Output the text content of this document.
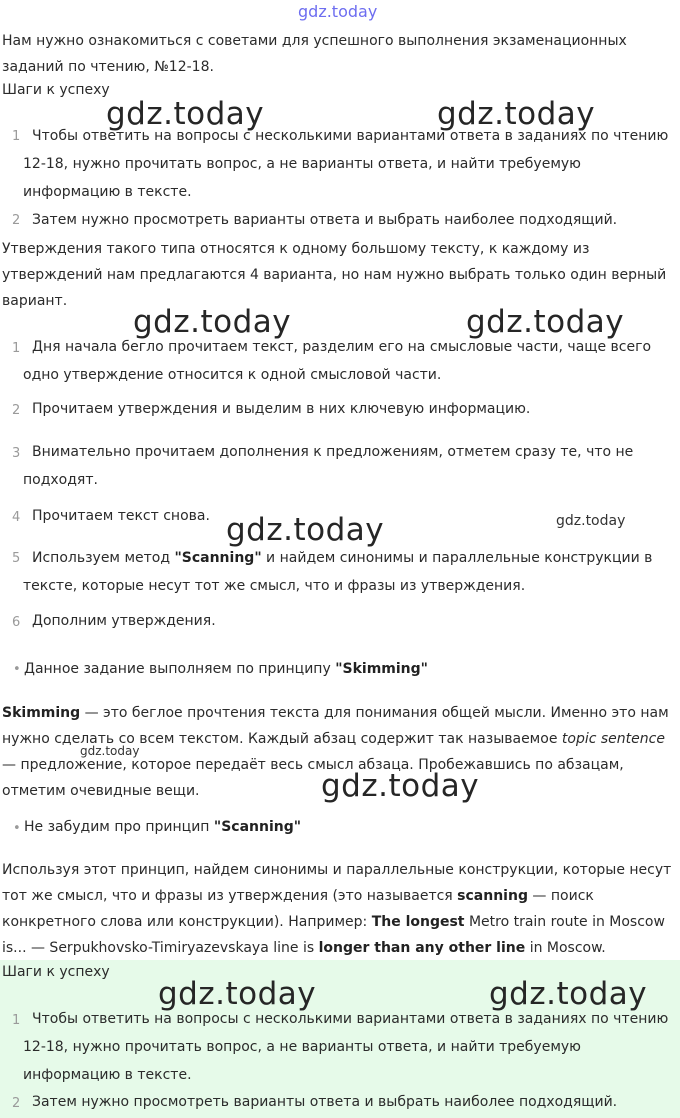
gdz.today
Нам нужно ознакомиться с советами для успешного выполнения экзаменационных заданий по чтению, №12-18.
Шаги к успеху
1 Чтобы ответить на вопросы с несколькими вариантами ответа в заданиях по чтению 12-18, нужно прочитать вопрос, а не варианты ответа, и найти требуемую информацию в тексте.
2 Затем нужно просмотреть варианты ответа и выбрать наиболее подходящий.
Утверждения такого типа относятся к одному большому тексту, к каждому из утверждений нам предлагаются 4 варианта, но нам нужно выбрать только один верный вариант.
1 Дня начала бегло прочитаем текст, разделим его на смысловые части, чаще всего одно утверждение относится к одной смысловой части.
2 Прочитаем утверждения и выделим в них ключевую информацию.
3 Внимательно прочитаем дополнения к предложениям, отметем сразу те, что не подходят.
4 Прочитаем текст снова.
5 Используем метод "Scanning" и найдем синонимы и параллельные конструкции в тексте, которые несут тот же смысл, что и фразы из утверждения.
6 Дополним утверждения.
• Данное задание выполняем по принципу "Skimming"
Skimming — это беглое прочтения текста для понимания общей мысли. Именно это нам нужно сделать со всем текстом. Каждый абзац содержит так называемое topic sentence — предложение, которое передаёт весь смысл абзаца. Пробежавшись по абзацам, отметим очевидные вещи.
• Не забудим про принцип "Scanning"
Используя этот принцип, найдем синонимы и параллельные конструкции, которые несут тот же смысл, что и фразы из утверждения (это называется scanning — поиск конкретного слова или конструкции). Например: The longest Metro train route in Moscow is... — Serpukhovsko-Timiryazevskaya line is longer than any other line in Moscow.
Шаги к успеху
1 Чтобы ответить на вопросы с несколькими вариантами ответа в заданиях по чтению 12-18, нужно прочитать вопрос, а не варианты ответа, и найти требуемую информацию в тексте.
2 Затем нужно просмотреть варианты ответа и выбрать наиболее подходящий.
gdz.today	gdz.today
gdz.today	gdz.today
gdz.today	gdz.today
gdz.today
gdz.today
gdz.today	gdz.today
